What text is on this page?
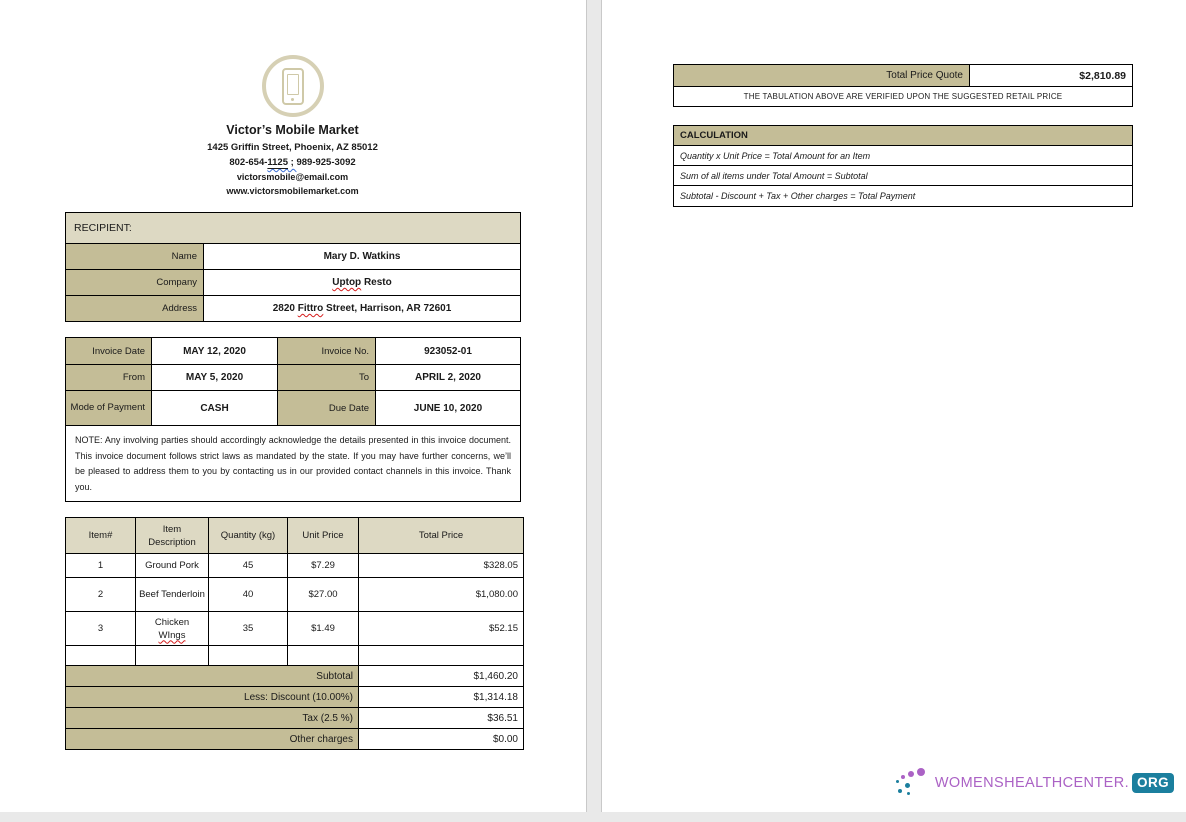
Victor’s Mobile Market
1425 Griffin Street, Phoenix, AZ 85012
802-654-1125 ; 989-925-3092
victorsmobile@email.com
www.victorsmobilemarket.com
RECIPIENT:	
Name	Mary D. Watkins
Company	Uptop Resto
Address	2820 Fittro Street, Harrison, AR 72601
Invoice Date	MAY 12, 2020	Invoice No.	923052-01
From	MAY 5, 2020	To	APRIL 2, 2020
Mode of Payment	CASH	Due Date	JUNE 10, 2020
NOTE: Any involving parties should accordingly acknowledge the details presented in this invoice document. This invoice document follows strict laws as mandated by the state. If you may have further concerns, we’ll be pleased to address them to you by contacting us in our provided contact channels in this invoice. Thank you.			
Item#	Item Description	Quantity (kg)	Unit Price	Total Price
1	Ground Pork	45	$7.29	$328.05
2	Beef Tenderloin	40	$27.00	$1,080.00
3	Chicken
WIngs	35	$1.49	$52.15

Subtotal				$1,460.20
Less: Discount (10.00%)				$1,314.18
Tax (2.5 %)				$36.51
Other charges				$0.00
Total Price Quote	$2,810.89
THE TABULATION ABOVE ARE VERIFIED UPON THE SUGGESTED RETAIL PRICE
CALCULATION
Quantity x Unit Price = Total Amount for an Item
Sum of all items under Total Amount = Subtotal
Subtotal - Discount + Tax + Other charges = Total Payment
WOMENSHEALTHCENTER. ORG
